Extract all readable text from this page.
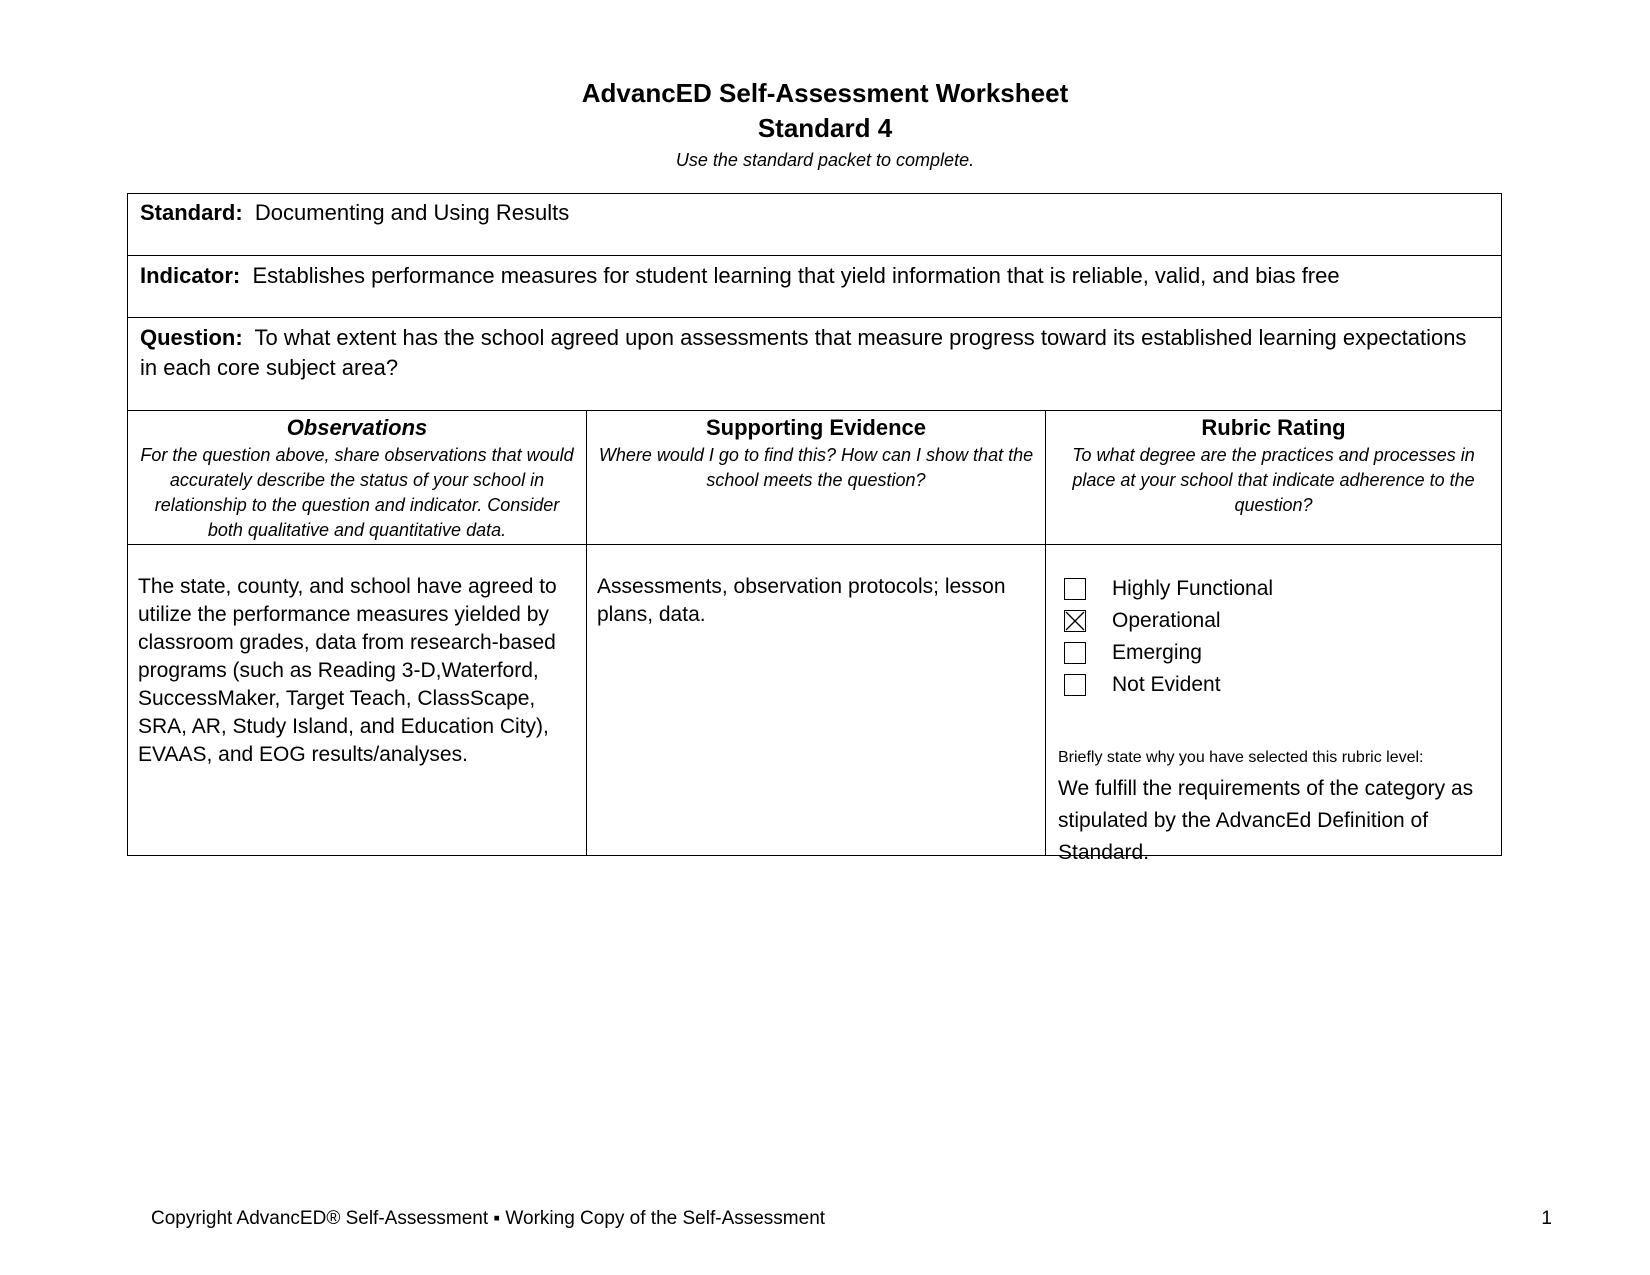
AdvancED Self-Assessment Worksheet
Standard 4
Use the standard packet to complete.
Standard: Documenting and Using Results
Indicator: Establishes performance measures for student learning that yield information that is reliable, valid, and bias free
Question: To what extent has the school agreed upon assessments that measure progress toward its established learning expectations in each core subject area?
Observations
For the question above, share observations that would accurately describe the status of your school in relationship to the question and indicator. Consider both qualitative and quantitative data.
The state, county, and school have agreed to utilize the performance measures yielded by classroom grades, data from research-based programs (such as Reading 3-D,Waterford, SuccessMaker, Target Teach, ClassScape, SRA, AR, Study Island, and Education City), EVAAS, and EOG results/analyses.
Supporting Evidence
Where would I go to find this? How can I show that the school meets the question?
Assessments, observation protocols; lesson plans, data.
Rubric Rating
To what degree are the practices and processes in place at your school that indicate adherence to the question?
Highly Functional
Operational
Emerging
Not Evident
Briefly state why you have selected this rubric level:
We fulfill the requirements of the category as stipulated by the AdvancEd Definition of Standard.
Copyright AdvancED® Self-Assessment ▪ Working Copy of the Self-Assessment	1
